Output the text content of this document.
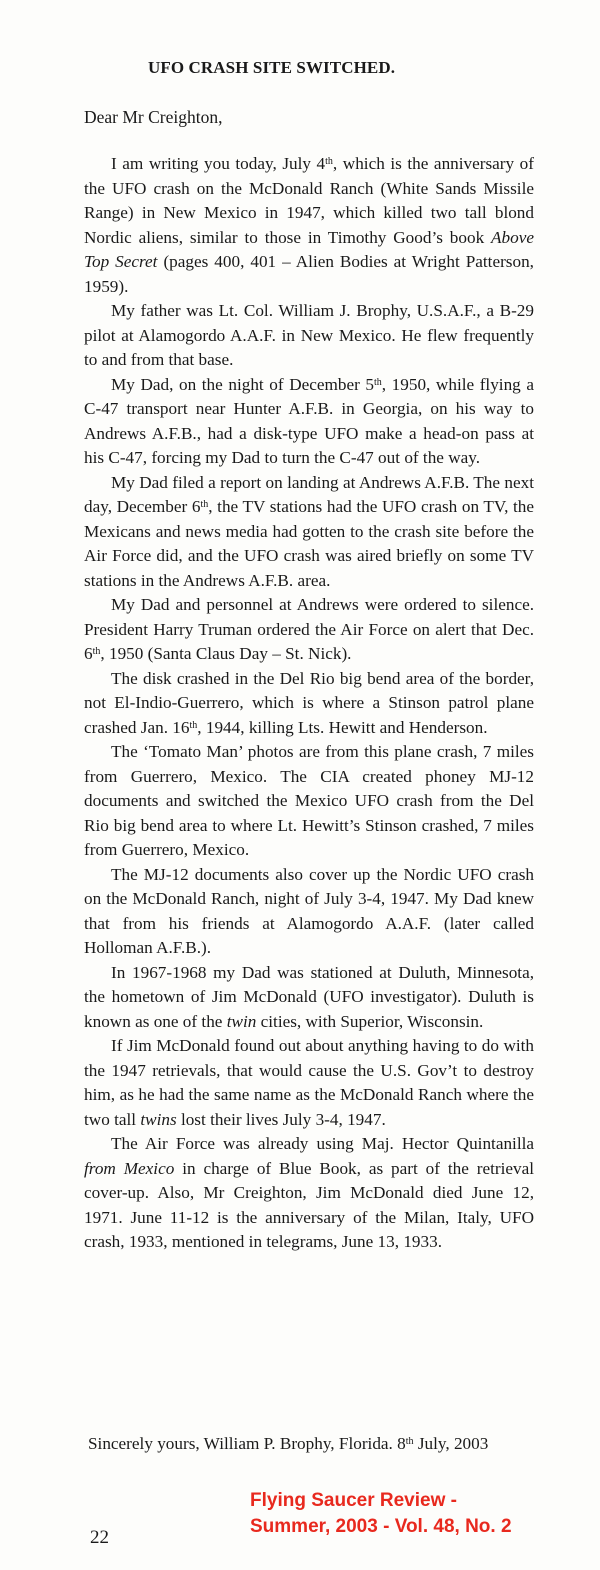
UFO CRASH SITE SWITCHED.
Dear Mr Creighton,

I am writing you today, July 4th, which is the anniversary of the UFO crash on the McDonald Ranch (White Sands Missile Range) in New Mexico in 1947, which killed two tall blond Nordic aliens, similar to those in Timothy Good’s book Above Top Secret (pages 400, 401 – Alien Bodies at Wright Patterson, 1959).

My father was Lt. Col. William J. Brophy, U.S.A.F., a B-29 pilot at Alamogordo A.A.F. in New Mexico. He flew frequently to and from that base.

My Dad, on the night of December 5th, 1950, while flying a C-47 transport near Hunter A.F.B. in Georgia, on his way to Andrews A.F.B., had a disk-type UFO make a head-on pass at his C-47, forcing my Dad to turn the C-47 out of the way.

My Dad filed a report on landing at Andrews A.F.B. The next day, December 6th, the TV stations had the UFO crash on TV, the Mexicans and news media had gotten to the crash site before the Air Force did, and the UFO crash was aired briefly on some TV stations in the Andrews A.F.B. area.

My Dad and personnel at Andrews were ordered to silence. President Harry Truman ordered the Air Force on alert that Dec. 6th, 1950 (Santa Claus Day – St. Nick).

The disk crashed in the Del Rio big bend area of the border, not El-Indio-Guerrero, which is where a Stinson patrol plane crashed Jan. 16th, 1944, killing Lts. Hewitt and Henderson.

The ‘Tomato Man’ photos are from this plane crash, 7 miles from Guerrero, Mexico. The CIA created phoney MJ-12 documents and switched the Mexico UFO crash from the Del Rio big bend area to where Lt. Hewitt’s Stinson crashed, 7 miles from Guerrero, Mexico.

The MJ-12 documents also cover up the Nordic UFO crash on the McDonald Ranch, night of July 3-4, 1947. My Dad knew that from his friends at Alamogordo A.A.F. (later called Holloman A.F.B.).

In 1967-1968 my Dad was stationed at Duluth, Minnesota, the hometown of Jim McDonald (UFO investigator). Duluth is known as one of the twin cities, with Superior, Wisconsin.

If Jim McDonald found out about anything having to do with the 1947 retrievals, that would cause the U.S. Gov’t to destroy him, as he had the same name as the McDonald Ranch where the two tall twins lost their lives July 3-4, 1947.

The Air Force was already using Maj. Hector Quintanilla from Mexico in charge of Blue Book, as part of the retrieval cover-up. Also, Mr Creighton, Jim McDonald died June 12, 1971. June 11-12 is the anniversary of the Milan, Italy, UFO crash, 1933, mentioned in telegrams, June 13, 1933.

Sincerely yours, William P. Brophy, Florida. 8th July, 2003
22
Flying Saucer Review -
Summer, 2003 - Vol. 48, No. 2
